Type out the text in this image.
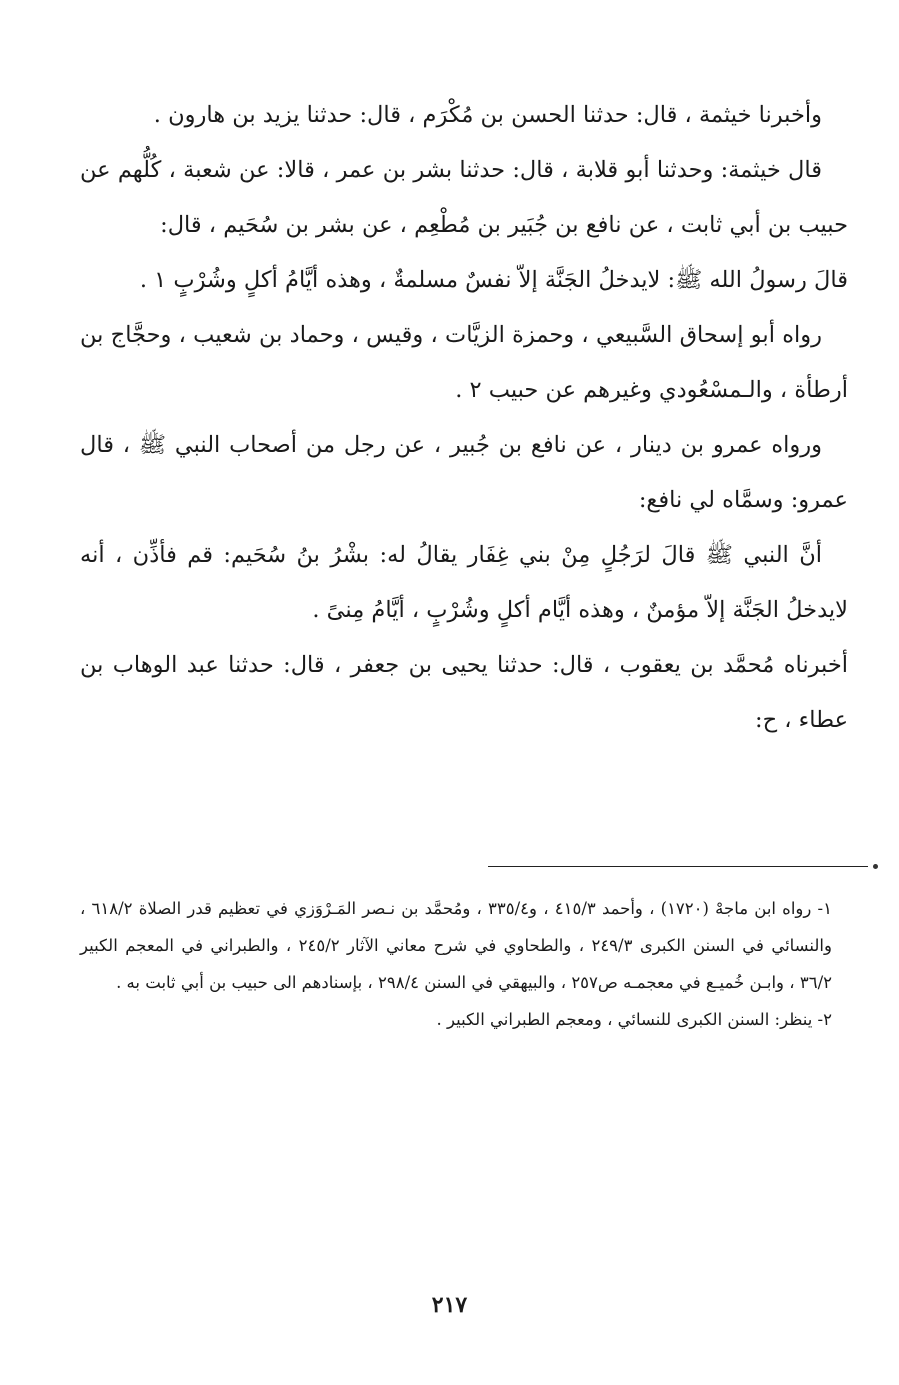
وأخبرنا خيثمة ، قال: حدثنا الحسن بن مُكْرَم ، قال: حدثنا يزيد بن هارون .

قال خيثمة: وحدثنا أبو قلابة ، قال: حدثنا بشر بن عمر ، قالا: عن شعبة ، كُلُّهم عن حبيب بن أبي ثابت ، عن نافع بن جُبَير بن مُطْعِم ، عن بشر بن سُحَيم ، قال:

قالَ رسولُ الله ﷺ: لايدخلُ الجَنَّة إلاّ نفسٌ مسلمةٌ ، وهذه أيَّامُ أكلٍ وشُرْبٍ ١ .

رواه أبو إسحاق السَّبيعي ، وحمزة الزيَّات ، وقيس ، وحماد بن شعيب ، وحجَّاج بن أرطأة ، والـمسْعُودي وغيرهم عن حبيب ٢ .

ورواه عمرو بن دينار ، عن نافع بن جُبير ، عن رجل من أصحاب النبي ﷺ ، قال عمرو: وسمَّاه لي نافع:

أنَّ النبي ﷺ قالَ لرَجُلٍ مِنْ بني غِفَار يقالُ له: بشْرُ بنُ سُحَيم: قم فأذِّن ، أنه لايدخلُ الجَنَّة إلاّ مؤمنٌ ، وهذه أيَّام أكلٍ وشُرْبٍ ، أيَّامُ مِنىً .

أخبرناه مُحمَّد بن يعقوب ، قال: حدثنا يحيى بن جعفر ، قال: حدثنا عبد الوهاب بن عطاء ، ح:

١- رواه ابن ماجهْ (١٧٢٠) ، وأحمد ٤١٥/٣ ، و٣٣٥/٤ ، ومُحمَّد بن نـصر المَـرْوَزي في تعظيم قدر الصلاة ٦١٨/٢ ، والنسائي في السنن الكبرى ٢٤٩/٣ ، والطحاوي في شرح معاني الآثار ٢٤٥/٢ ، والطبراني في المعجم الكبير ٣٦/٢ ، وابـن خُميـع في معجمـه ص٢٥٧ ، والبيهقي في السنن ٢٩٨/٤ ، بإسنادهم الى حبيب بن أبي ثابت به .

٢- ينظر: السنن الكبرى للنسائي ، ومعجم الطبراني الكبير .

٢١٧
